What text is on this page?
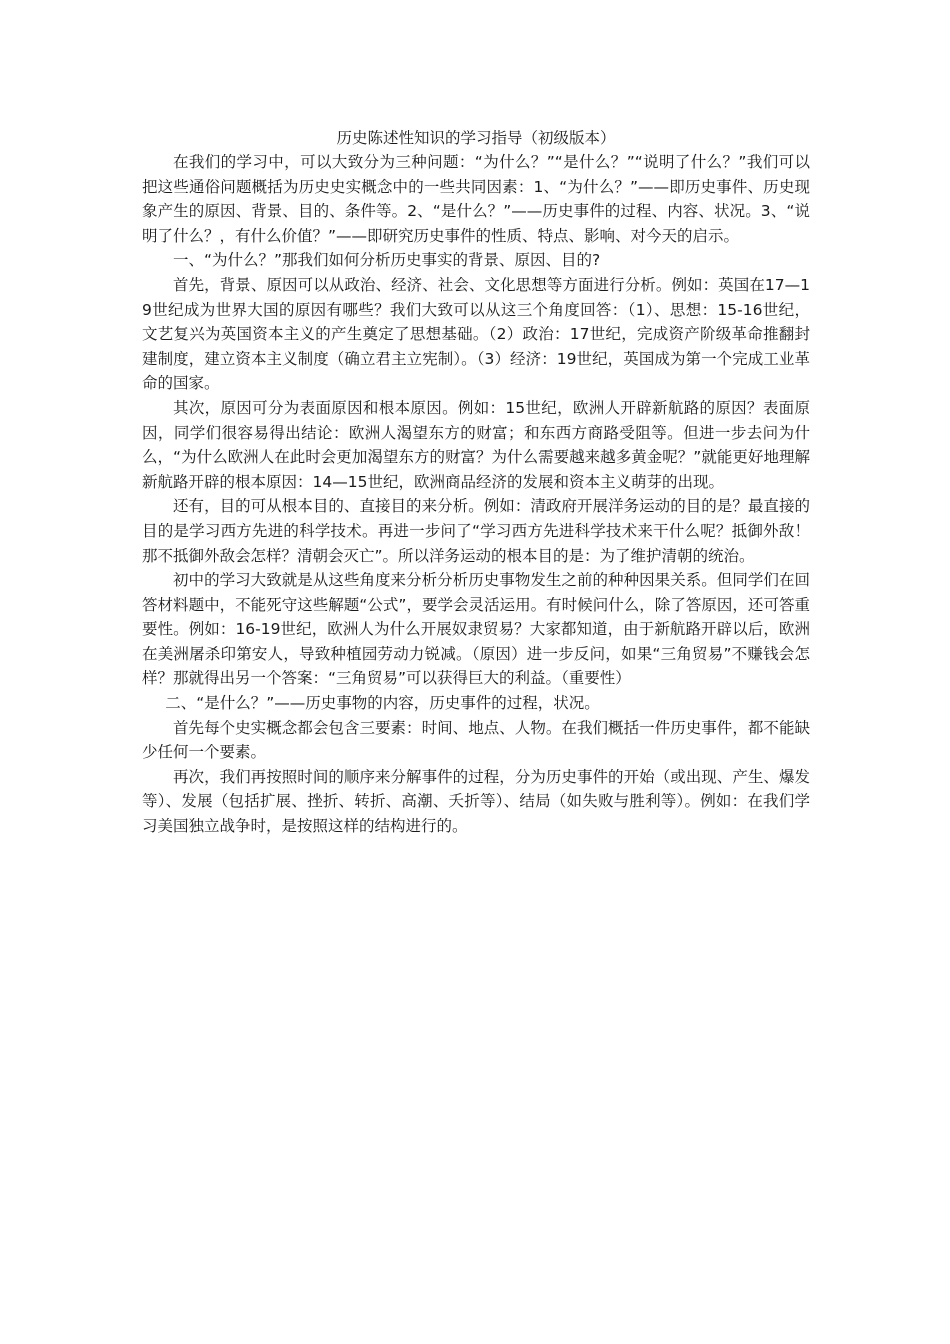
历史陈述性知识的学习指导（初级版本）

在我们的学习中，可以大致分为三种问题：“为什么？”“是什么？”“说明了什么？”我们可以把这些通俗问题概括为历史史实概念中的一些共同因素：1、“为什么？”——即历史事件、历史现象产生的原因、背景、目的、条件等。2、“是什么？”——历史事件的过程、内容、状况。3、“说明了什么？，有什么价值？”——即研究历史事件的性质、特点、影响、对今天的启示。

一、“为什么？”那我们如何分析历史事实的背景、原因、目的?

首先，背景、原因可以从政治、经济、社会、文化思想等方面进行分析。例如：英国在17—19世纪成为世界大国的原因有哪些？我们大致可以从这三个角度回答：（1）、思想：15-16世纪，文艺复兴为英国资本主义的产生奠定了思想基础。（2）政治：17世纪，完成资产阶级革命推翻封建制度，建立资本主义制度（确立君主立宪制）。（3）经济：19世纪，英国成为第一个完成工业革命的国家。

其次，原因可分为表面原因和根本原因。例如：15世纪，欧洲人开辟新航路的原因？表面原因，同学们很容易得出结论：欧洲人渴望东方的财富；和东西方商路受阻等。但进一步去问为什么，“为什么欧洲人在此时会更加渴望东方的财富？为什么需要越来越多黄金呢？”就能更好地理解新航路开辟的根本原因：14—15世纪，欧洲商品经济的发展和资本主义萌芽的出现。

还有，目的可从根本目的、直接目的来分析。例如：清政府开展洋务运动的目的是？最直接的目的是学习西方先进的科学技术。再进一步问了“学习西方先进科学技术来干什么呢？抵御外敌！那不抵御外敌会怎样？清朝会灭亡”。所以洋务运动的根本目的是：为了维护清朝的统治。

初中的学习大致就是从这些角度来分析分析历史事物发生之前的种种因果关系。但同学们在回答材料题中，不能死守这些解题“公式”，要学会灵活运用。有时候问什么，除了答原因，还可答重要性。例如：16-19世纪，欧洲人为什么开展奴隶贸易？大家都知道，由于新航路开辟以后，欧洲在美洲屠杀印第安人，导致种植园劳动力锐减。（原因）进一步反问，如果“三角贸易”不赚钱会怎样？那就得出另一个答案：“三角贸易”可以获得巨大的利益。（重要性）

二、“是什么？”——历史事物的内容，历史事件的过程，状况。

首先每个史实概念都会包含三要素：时间、地点、人物。在我们概括一件历史事件，都不能缺少任何一个要素。

再次，我们再按照时间的顺序来分解事件的过程，分为历史事件的开始（或出现、产生、爆发等）、发展（包括扩展、挫折、转折、高潮、夭折等）、结局（如失败与胜利等）。例如：在我们学习美国独立战争时，是按照这样的结构进行的。
